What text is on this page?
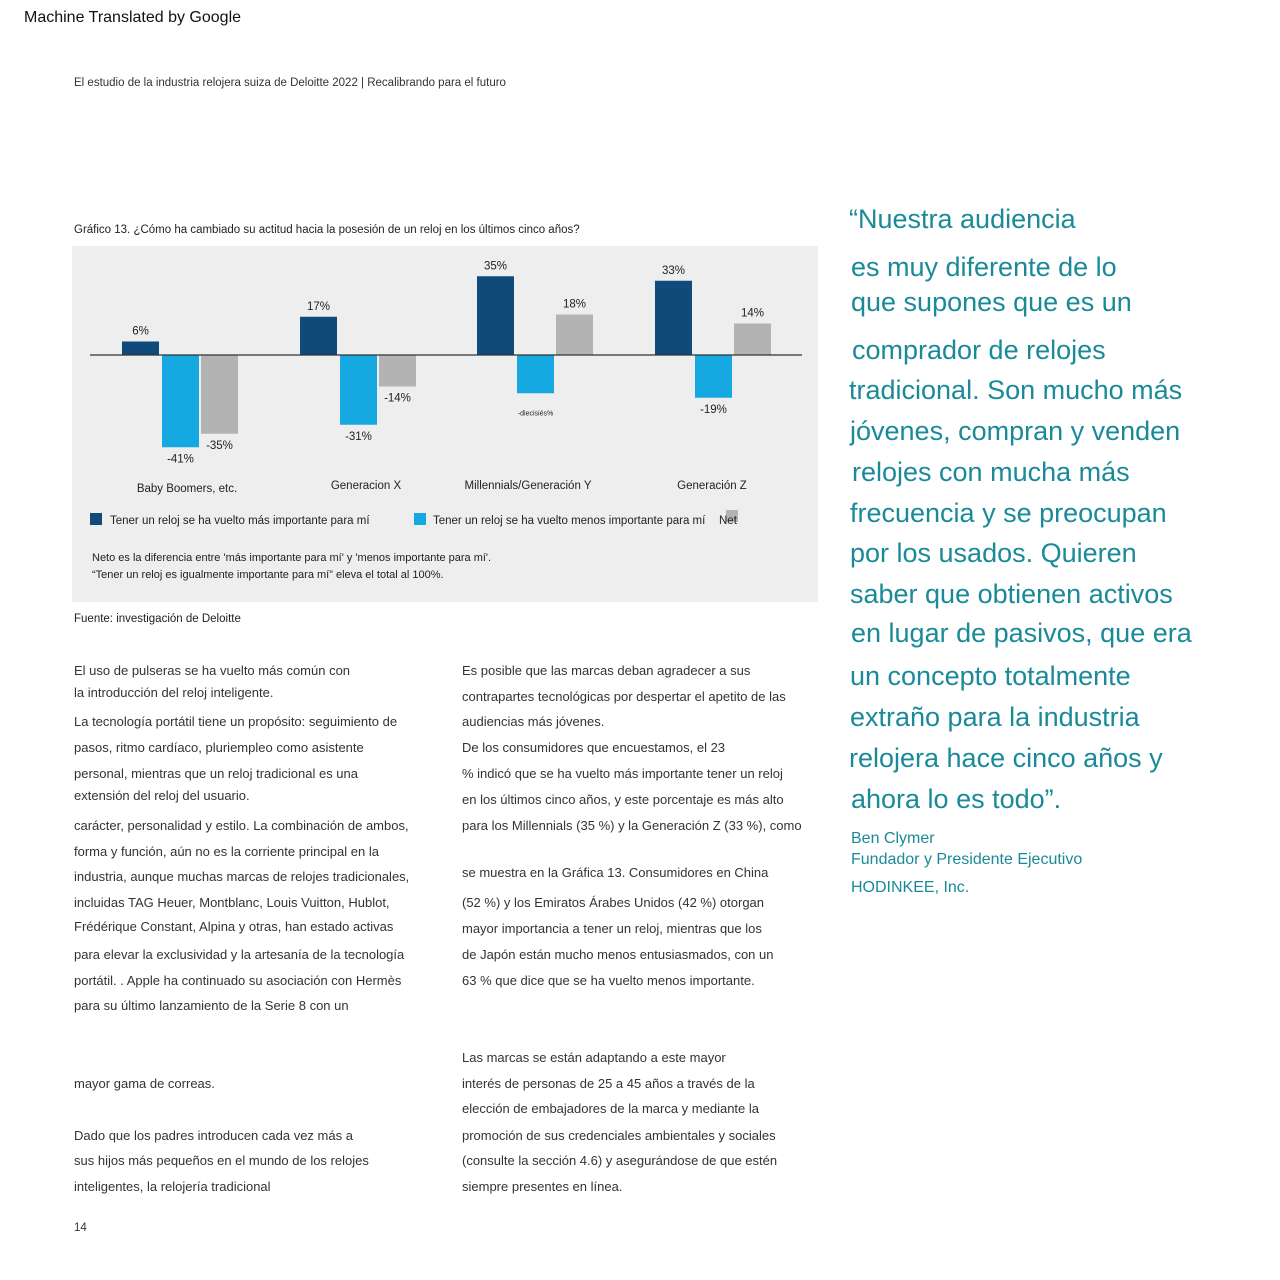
Machine Translated by Google
El estudio de la industria relojera suiza de Deloitte 2022 | Recalibrando para el futuro
Gráfico 13. ¿Cómo ha cambiado su actitud hacia la posesión de un reloj en los últimos cinco años?
6%
17%
35%	33%
-41%
-31%
-diecisiés%	-19%
-35%
-14%
18%
14%
Baby Boomers, etc.	Generacion X	Millennials/Generación Y	Generación Z
Tener un reloj se ha vuelto más importante para mí	Tener un reloj se ha vuelto menos importante para mí Net
Neto es la diferencia entre 'más importante para mí' y 'menos importante para mí'.
“Tener un reloj es igualmente importante para mí” eleva el total al 100%.
Fuente: investigación de Deloitte
El uso de pulseras se ha vuelto más común con
la introducción del reloj inteligente.
La tecnología portátil tiene un propósito: seguimiento de
pasos, ritmo cardíaco, pluriempleo como asistente
personal, mientras que un reloj tradicional es una
extensión del reloj del usuario.
carácter, personalidad y estilo. La combinación de ambos,
forma y función, aún no es la corriente principal en la
industria, aunque muchas marcas de relojes tradicionales,
incluidas TAG Heuer, Montblanc, Louis Vuitton, Hublot,
Frédérique Constant, Alpina y otras, han estado activas
para elevar la exclusividad y la artesanía de la tecnología
portátil. . Apple ha continuado su asociación con Hermès
para su último lanzamiento de la Serie 8 con un
mayor gama de correas.
Dado que los padres introducen cada vez más a
sus hijos más pequeños en el mundo de los relojes
inteligentes, la relojería tradicional
Es posible que las marcas deban agradecer a sus
contrapartes tecnológicas por despertar el apetito de las
audiencias más jóvenes.
De los consumidores que encuestamos, el 23
% indicó que se ha vuelto más importante tener un reloj
en los últimos cinco años, y este porcentaje es más alto
para los Millennials (35 %) y la Generación Z (33 %), como
se muestra en la Gráfica 13. Consumidores en China
(52 %) y los Emiratos Árabes Unidos (42 %) otorgan
mayor importancia a tener un reloj, mientras que los
de Japón están mucho menos entusiasmados, con un
63 % que dice que se ha vuelto menos importante.
Las marcas se están adaptando a este mayor
interés de personas de 25 a 45 años a través de la
elección de embajadores de la marca y mediante la
promoción de sus credenciales ambientales y sociales
(consulte la sección 4.6) y asegurándose de que estén
siempre presentes en línea.
“Nuestra audiencia
es muy diferente de lo
que supones que es un
comprador de relojes
tradicional. Son mucho más
jóvenes, compran y venden
relojes con mucha más
frecuencia y se preocupan
por los usados. Quieren
saber que obtienen activos
en lugar de pasivos, que era
un concepto totalmente
extraño para la industria
relojera hace cinco años y
ahora lo es todo”.
Ben Clymer
Fundador y Presidente Ejecutivo
HODINKEE, Inc.
14
